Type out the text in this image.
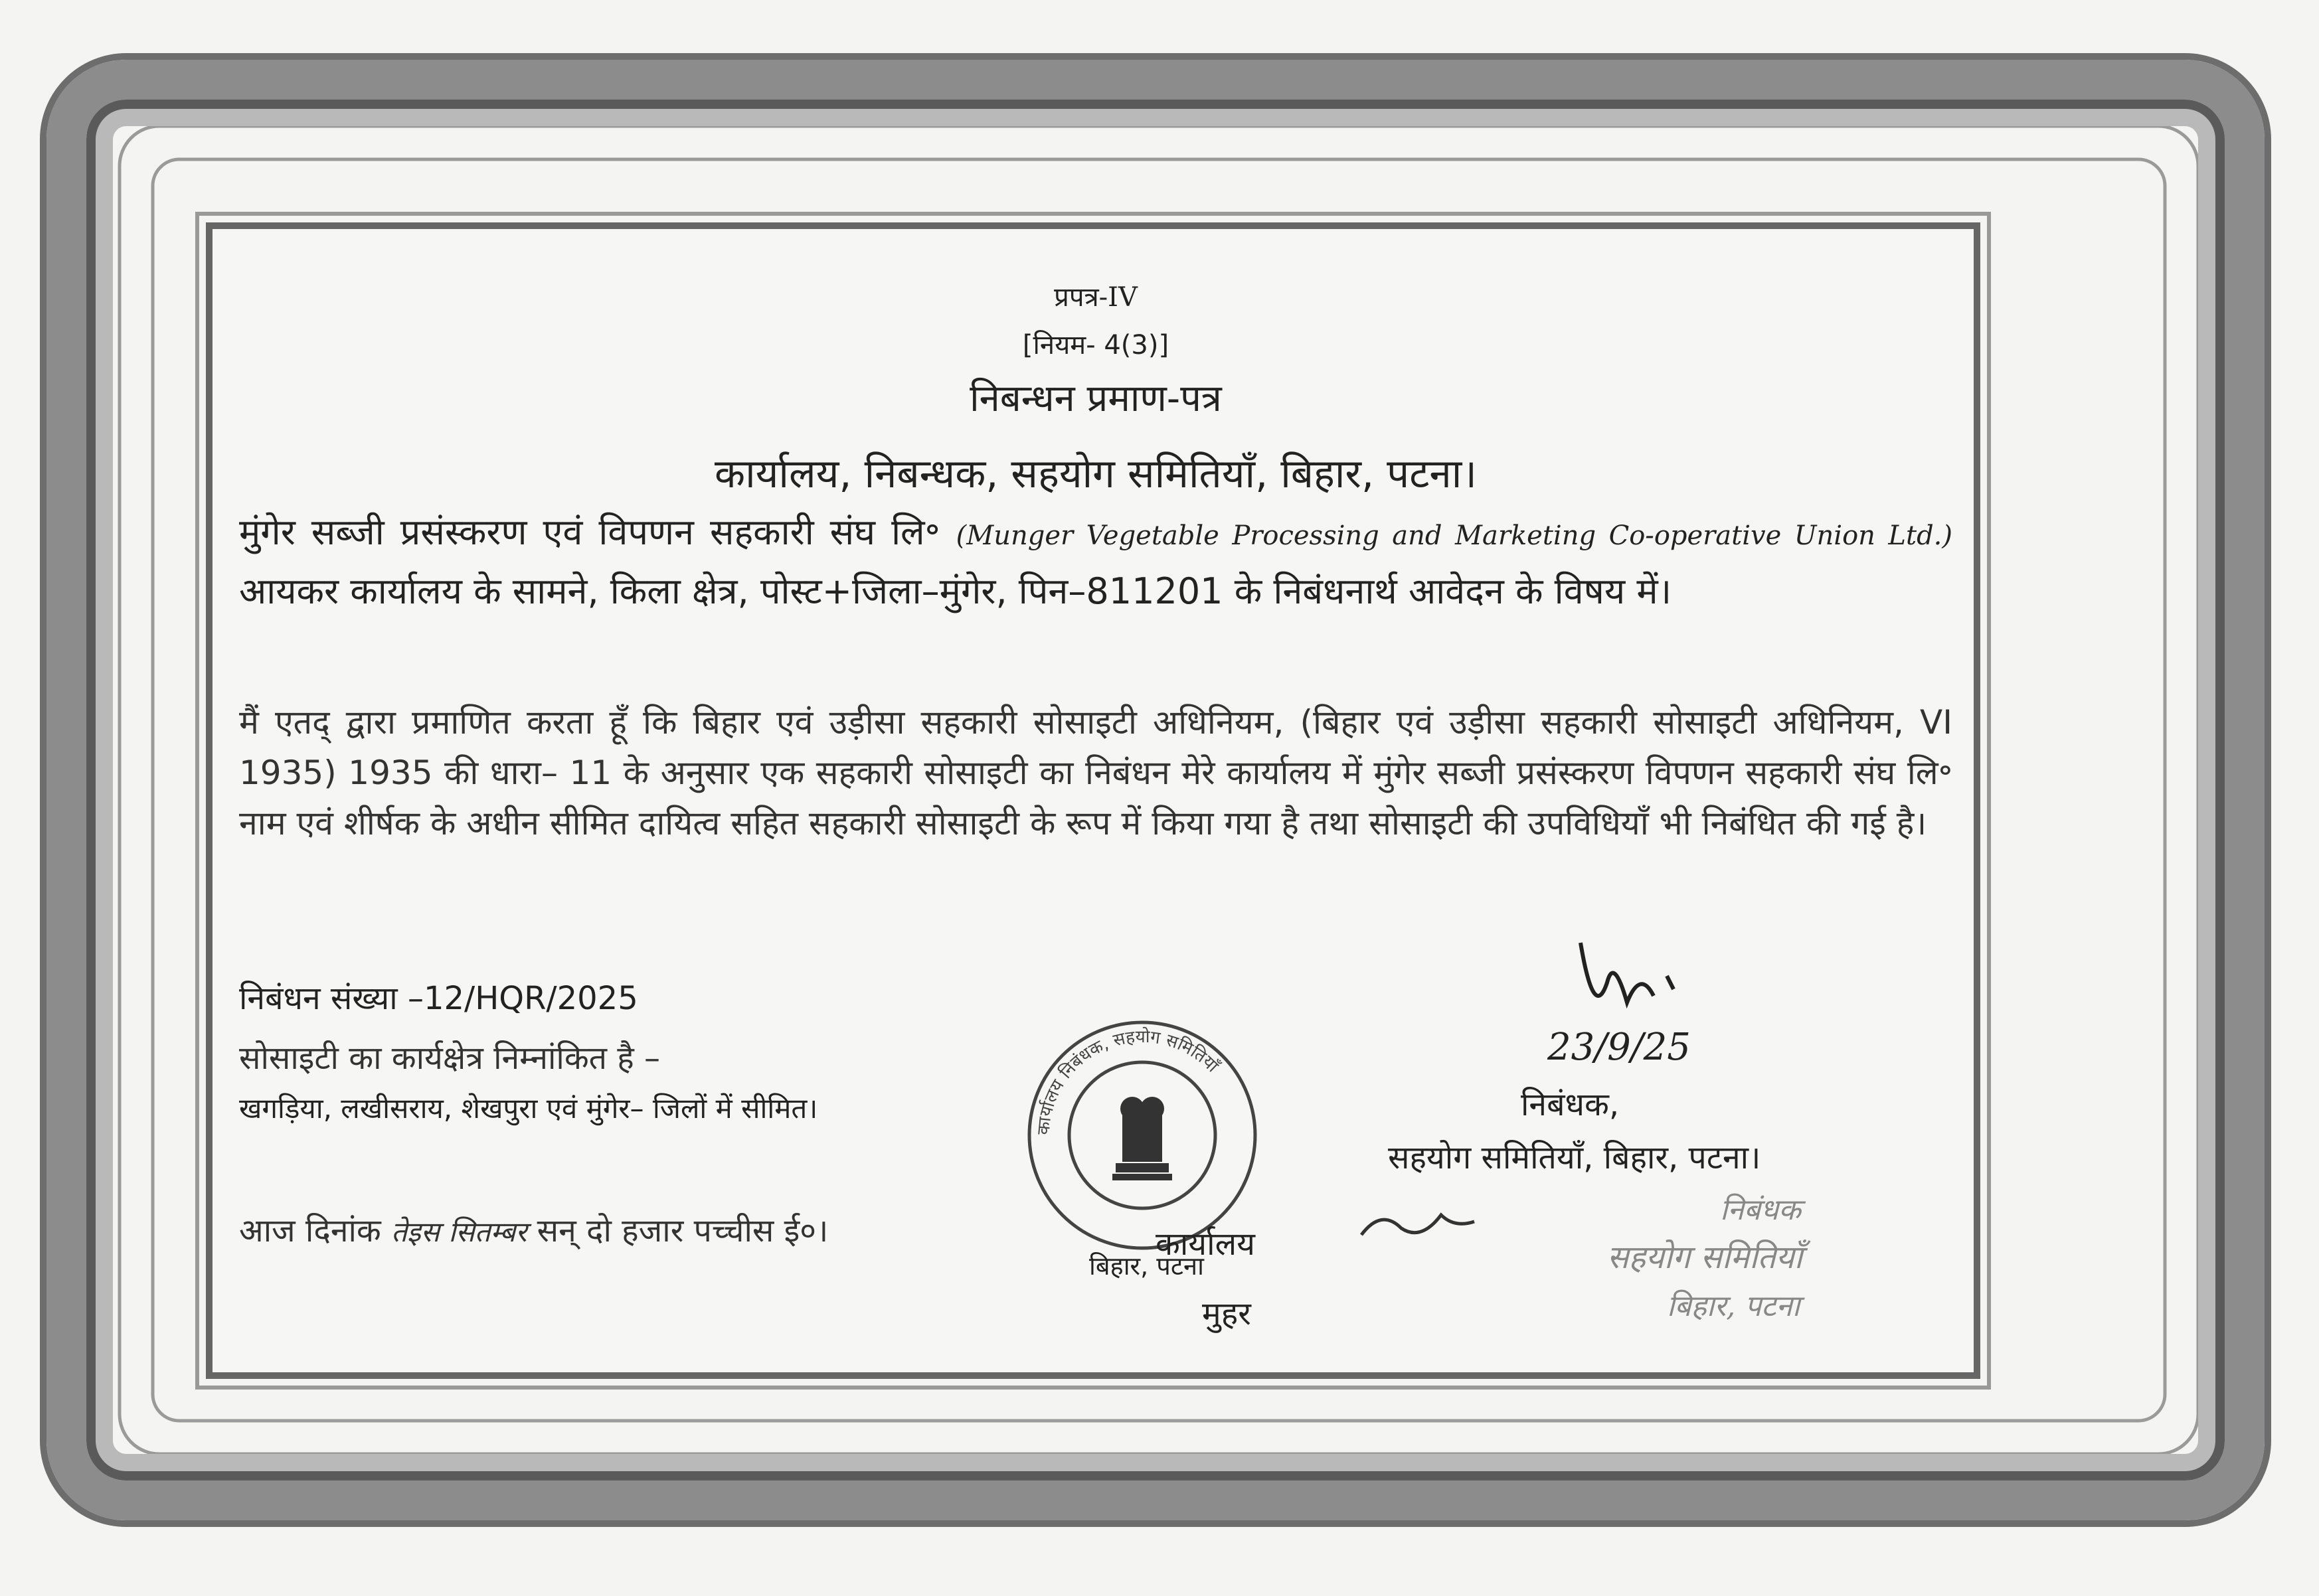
प्रपत्र-IV
[नियम- 4(3)]
निबन्धन प्रमाण-पत्र
कार्यालय, निबन्धक, सहयोग समितियाँ, बिहार, पटना।
मुंगेर सब्जी प्रसंस्करण एवं विपणन सहकारी संघ लि॰ (Munger Vegetable Processing and Marketing Co-operative Union Ltd.) आयकर कार्यालय के सामने, किला क्षेत्र, पोस्ट+जिला–मुंगेर, पिन–811201 के निबंधनार्थ आवेदन के विषय में।
मैं एतद् द्वारा प्रमाणित करता हूँ कि बिहार एवं उड़ीसा सहकारी सोसाइटी अधिनियम, (बिहार एवं उड़ीसा सहकारी सोसाइटी अधिनियम, VI 1935) 1935 की धारा– 11 के अनुसार एक सहकारी सोसाइटी का निबंधन मेरे कार्यालय में मुंगेर सब्जी प्रसंस्करण विपणन सहकारी संघ लि॰ नाम एवं शीर्षक के अधीन सीमित दायित्व सहित सहकारी सोसाइटी के रूप में किया गया है तथा सोसाइटी की उपविधियाँ भी निबंधित की गई है।
निबंधन संख्या –12/HQR/2025
सोसाइटी का कार्यक्षेत्र निम्नांकित है –
खगड़िया, लखीसराय, शेखपुरा एवं मुंगेर– जिलों में सीमित।
आज दिनांक तेइस सितम्बर सन् दो हजार पच्चीस ई०।
कार्यालय निबंधक, सहयोग समितियाँ
कार्यालय
बिहार, पटना
मुहर
23/9/25
निबंधक,
सहयोग समितियाँ, बिहार, पटना।
निबंधक
सहयोग समितियाँ
बिहार, पटना
